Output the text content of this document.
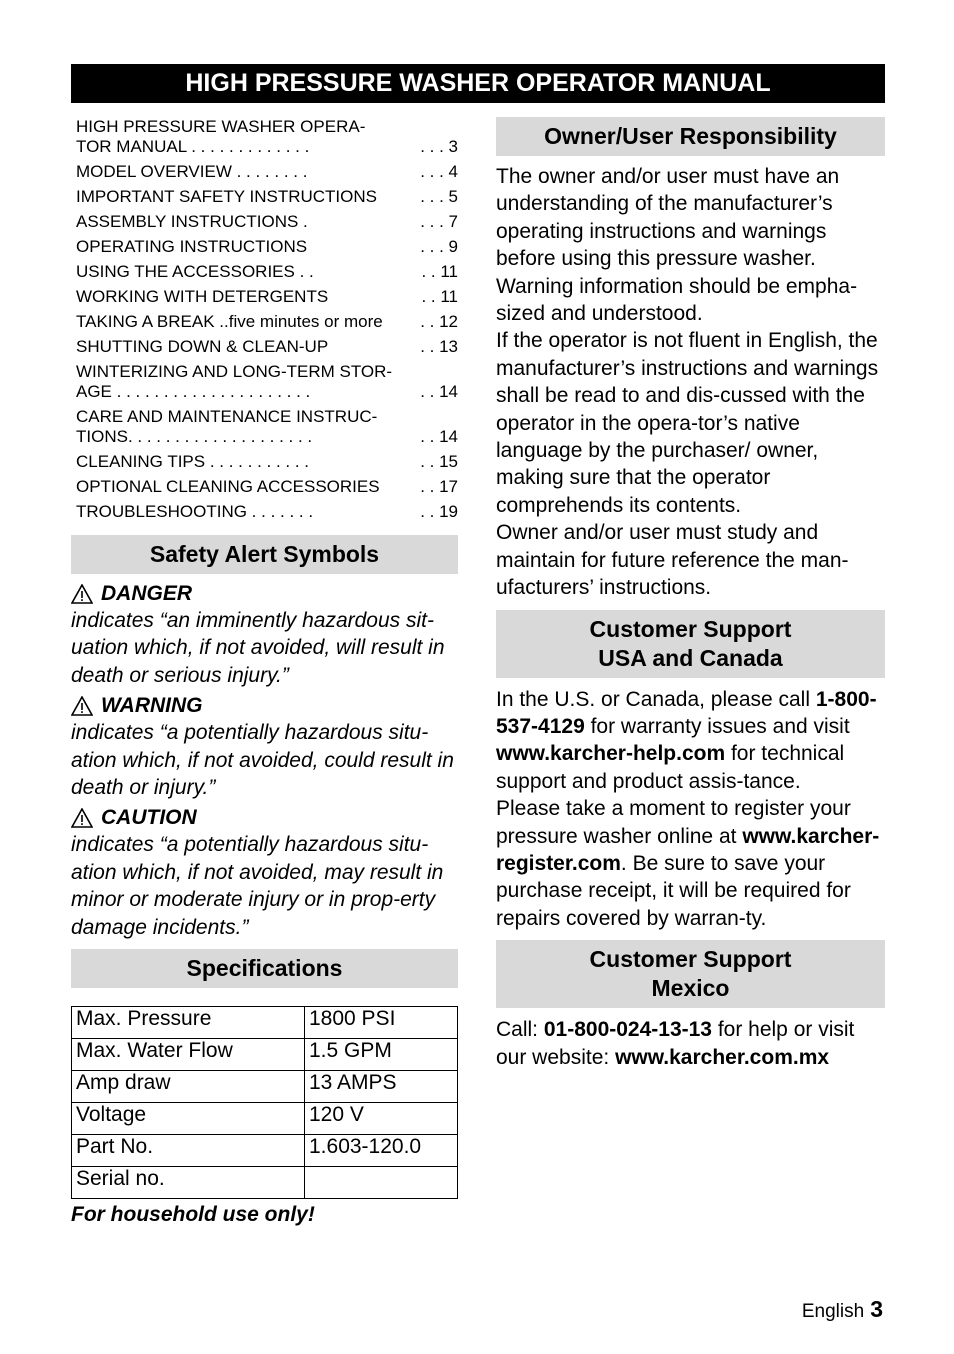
HIGH PRESSURE WASHER OPERATOR MANUAL
HIGH PRESSURE WASHER OPERA-
TOR MANUAL . . . . . . . . . . . . .	. . . 3
MODEL OVERVIEW . . . . . . . .	. . . 4
IMPORTANT SAFETY INSTRUCTIONS	. . . 5
ASSEMBLY INSTRUCTIONS .	. . . 7
OPERATING INSTRUCTIONS	. . . 9
USING THE ACCESSORIES . .	. . 11
WORKING WITH DETERGENTS	. . 11
TAKING A BREAK ..five minutes or more	. . 12
SHUTTING DOWN & CLEAN-UP	. . 13
WINTERIZING AND LONG-TERM STOR-
AGE . . . . . . . . . . . . . . . . . . . . .	. . 14
CARE AND MAINTENANCE INSTRUC-
TIONS. . . . . . . . . . . . . . . . . . . .	. . 14
CLEANING TIPS . . . . . . . . . . .	. . 15
OPTIONAL CLEANING ACCESSORIES	. . 17
TROUBLESHOOTING . . . . . . .	. . 19
Safety Alert Symbols
DANGER
indicates “an imminently hazardous sit-uation which, if not avoided, will result in death or serious injury.”
WARNING
indicates “a potentially hazardous situ-ation which, if not avoided, could result in death or injury.”
CAUTION
indicates “a potentially hazardous situ-ation which, if not avoided, may result in minor or moderate injury or in prop-erty damage incidents.”
Specifications
Max. Pressure	1800 PSI
Max. Water Flow	1.5 GPM
Amp draw	13 AMPS
Voltage	120 V
Part No.	1.603-120.0
Serial no.	
For household use only!
Owner/User Responsibility
The owner and/or user must have an understanding of the manufacturer’s operating instructions and warnings before using this pressure washer. Warning information should be empha-sized and understood.
If the operator is not fluent in English, the manufacturer’s instructions and warnings shall be read to and dis-cussed with the operator in the opera-tor’s native language by the purchaser/ owner, making sure that the operator comprehends its contents.
Owner and/or user must study and maintain for future reference the man-ufacturers’ instructions.
Customer Support
USA and Canada
In the U.S. or Canada, please call 1-800-537-4129 for warranty issues and visit www.karcher-help.com for technical support and product assis-tance.
Please take a moment to register your pressure washer online at www.karcher-register.com. Be sure to save your purchase receipt, it will be required for repairs covered by warran-ty.
Customer Support
Mexico
Call: 01-800-024-13-13 for help or visit our website: www.karcher.com.mx
English 3
